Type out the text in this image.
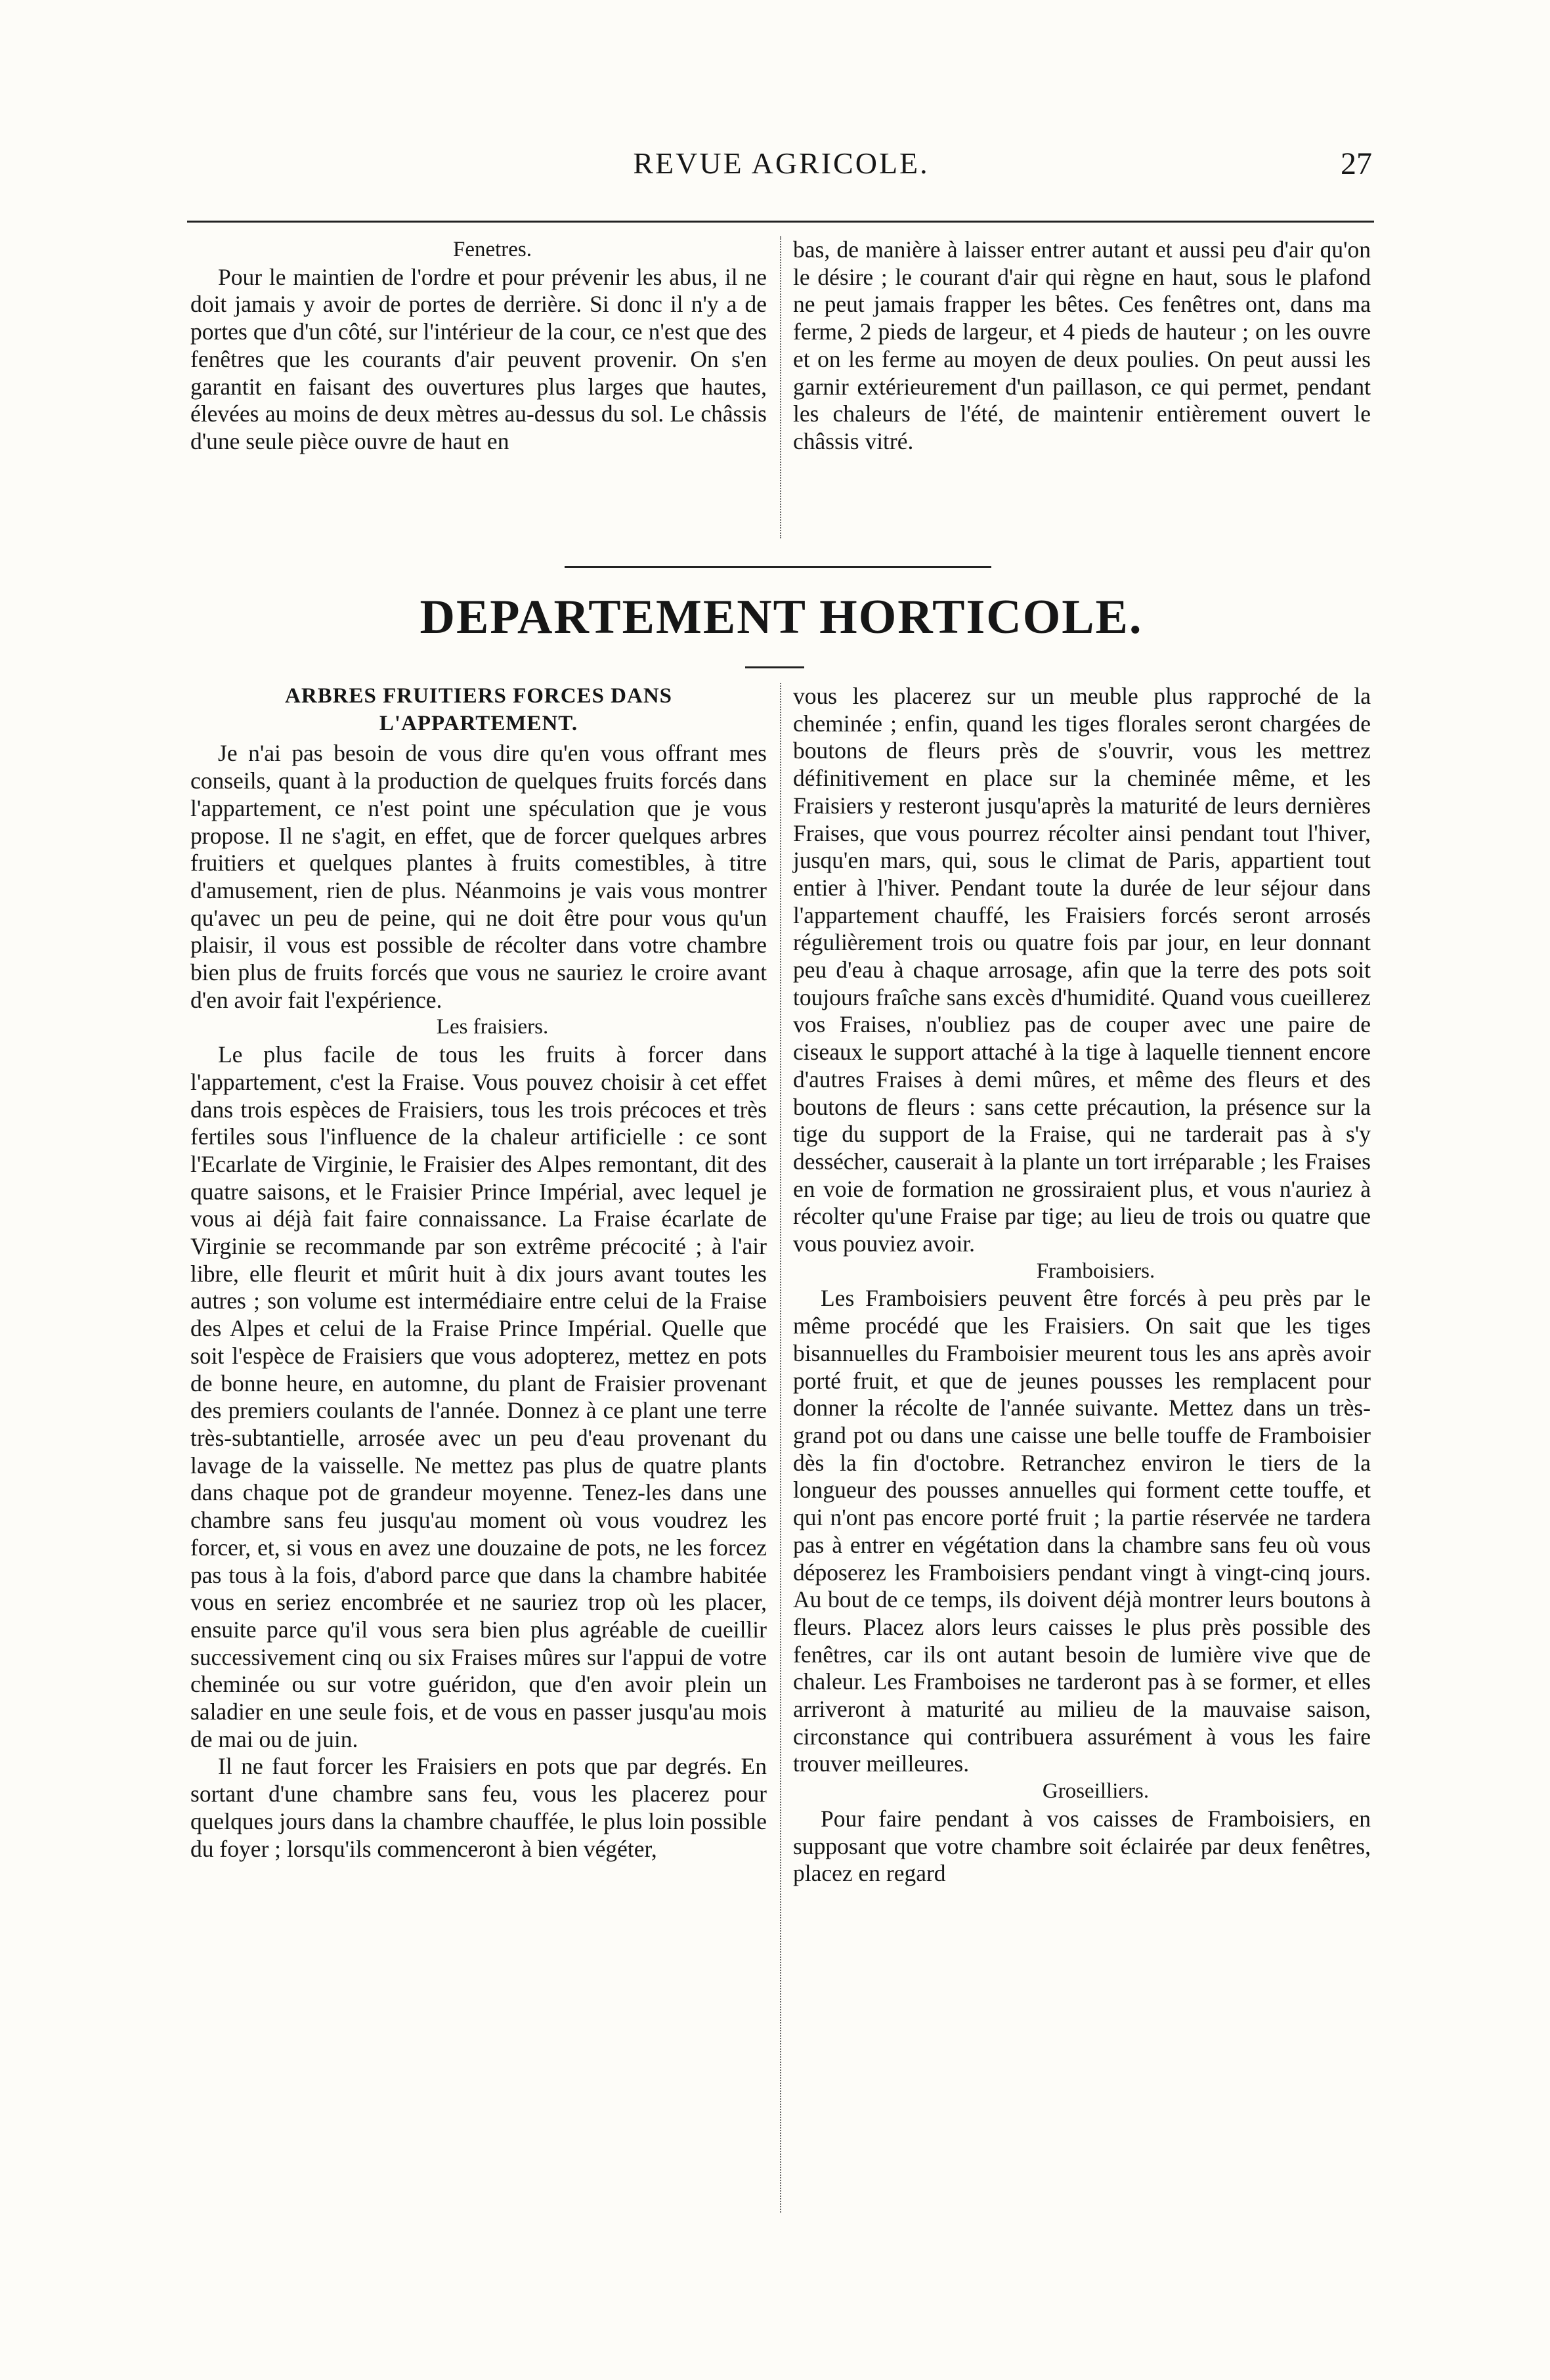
REVUE AGRICOLE.	27

Fenetres.

Pour le maintien de l'ordre et pour prévenir les abus, il ne doit jamais y avoir de portes de derrière. Si donc il n'y a de portes que d'un côté, sur l'intérieur de la cour, ce n'est que des fenêtres que les courants d'air peuvent provenir. On s'en garantit en faisant des ouvertures plus larges que hautes, élevées au moins de deux mètres au-dessus du sol. Le châssis d'une seule pièce ouvre de haut en

bas, de manière à laisser entrer autant et aussi peu d'air qu'on le désire ; le courant d'air qui règne en haut, sous le plafond ne peut jamais frapper les bêtes. Ces fenêtres ont, dans ma ferme, 2 pieds de largeur, et 4 pieds de hauteur ; on les ouvre et on les ferme au moyen de deux poulies. On peut aussi les garnir extérieurement d'un paillason, ce qui permet, pendant les chaleurs de l'été, de maintenir entièrement ouvert le châssis vitré.

DEPARTEMENT HORTICOLE.
ARBRES FRUITIERS FORCES DANS L'APPARTEMENT.

Je n'ai pas besoin de vous dire qu'en vous offrant mes conseils, quant à la production de quelques fruits forcés dans l'appartement, ce n'est point une spéculation que je vous propose. Il ne s'agit, en effet, que de forcer quelques arbres fruitiers et quelques plantes à fruits comestibles, à titre d'amusement, rien de plus. Néanmoins je vais vous montrer qu'avec un peu de peine, qui ne doit être pour vous qu'un plaisir, il vous est possible de récolter dans votre chambre bien plus de fruits forcés que vous ne sauriez le croire avant d'en avoir fait l'expérience.

Les fraisiers.

Le plus facile de tous les fruits à forcer dans l'appartement, c'est la Fraise. Vous pouvez choisir à cet effet dans trois espèces de Fraisiers, tous les trois précoces et très fertiles sous l'influence de la chaleur artificielle : ce sont l'Ecarlate de Virginie, le Fraisier des Alpes remontant, dit des quatre saisons, et le Fraisier Prince Impérial, avec lequel je vous ai déjà fait faire connaissance. La Fraise écarlate de Virginie se recommande par son extrême précocité ; à l'air libre, elle fleurit et mûrit huit à dix jours avant toutes les autres ; son volume est intermédiaire entre celui de la Fraise des Alpes et celui de la Fraise Prince Impérial. Quelle que soit l'espèce de Fraisiers que vous adopterez, mettez en pots de bonne heure, en automne, du plant de Fraisier provenant des premiers coulants de l'année. Donnez à ce plant une terre très-subtantielle, arrosée avec un peu d'eau provenant du lavage de la vaisselle. Ne mettez pas plus de quatre plants dans chaque pot de grandeur moyenne. Tenez-les dans une chambre sans feu jusqu'au moment où vous voudrez les forcer, et, si vous en avez une douzaine de pots, ne les forcez pas tous à la fois, d'abord parce que dans la chambre habitée vous en seriez encombrée et ne sauriez trop où les placer, ensuite parce qu'il vous sera bien plus agréable de cueillir successivement cinq ou six Fraises mûres sur l'appui de votre cheminée ou sur votre guéridon, que d'en avoir plein un saladier en une seule fois, et de vous en passer jusqu'au mois de mai ou de juin.

Il ne faut forcer les Fraisiers en pots que par degrés. En sortant d'une chambre sans feu, vous les placerez pour quelques jours dans la chambre chauffée, le plus loin possible du foyer ; lorsqu'ils commenceront à bien végéter,

vous les placerez sur un meuble plus rapproché de la cheminée ; enfin, quand les tiges florales seront chargées de boutons de fleurs près de s'ouvrir, vous les mettrez définitivement en place sur la cheminée même, et les Fraisiers y resteront jusqu'après la maturité de leurs dernières Fraises, que vous pourrez récolter ainsi pendant tout l'hiver, jusqu'en mars, qui, sous le climat de Paris, appartient tout entier à l'hiver. Pendant toute la durée de leur séjour dans l'appartement chauffé, les Fraisiers forcés seront arrosés régulièrement trois ou quatre fois par jour, en leur donnant peu d'eau à chaque arrosage, afin que la terre des pots soit toujours fraîche sans excès d'humidité. Quand vous cueillerez vos Fraises, n'oubliez pas de couper avec une paire de ciseaux le support attaché à la tige à laquelle tiennent encore d'autres Fraises à demi mûres, et même des fleurs et des boutons de fleurs : sans cette précaution, la présence sur la tige du support de la Fraise, qui ne tarderait pas à s'y dessécher, causerait à la plante un tort irréparable ; les Fraises en voie de formation ne grossiraient plus, et vous n'auriez à récolter qu'une Fraise par tige; au lieu de trois ou quatre que vous pouviez avoir.

Framboisiers.

Les Framboisiers peuvent être forcés à peu près par le même procédé que les Fraisiers. On sait que les tiges bisannuelles du Framboisier meurent tous les ans après avoir porté fruit, et que de jeunes pousses les remplacent pour donner la récolte de l'année suivante. Mettez dans un très-grand pot ou dans une caisse une belle touffe de Framboisier dès la fin d'octobre. Retranchez environ le tiers de la longueur des pousses annuelles qui forment cette touffe, et qui n'ont pas encore porté fruit ; la partie réservée ne tardera pas à entrer en végétation dans la chambre sans feu où vous déposerez les Framboisiers pendant vingt à vingt-cinq jours. Au bout de ce temps, ils doivent déjà montrer leurs boutons à fleurs. Placez alors leurs caisses le plus près possible des fenêtres, car ils ont autant besoin de lumière vive que de chaleur. Les Framboises ne tarderont pas à se former, et elles arriveront à maturité au milieu de la mauvaise saison, circonstance qui contribuera assurément à vous les faire trouver meilleures.

Groseilliers.

Pour faire pendant à vos caisses de Framboisiers, en supposant que votre chambre soit éclairée par deux fenêtres, placez en regard
